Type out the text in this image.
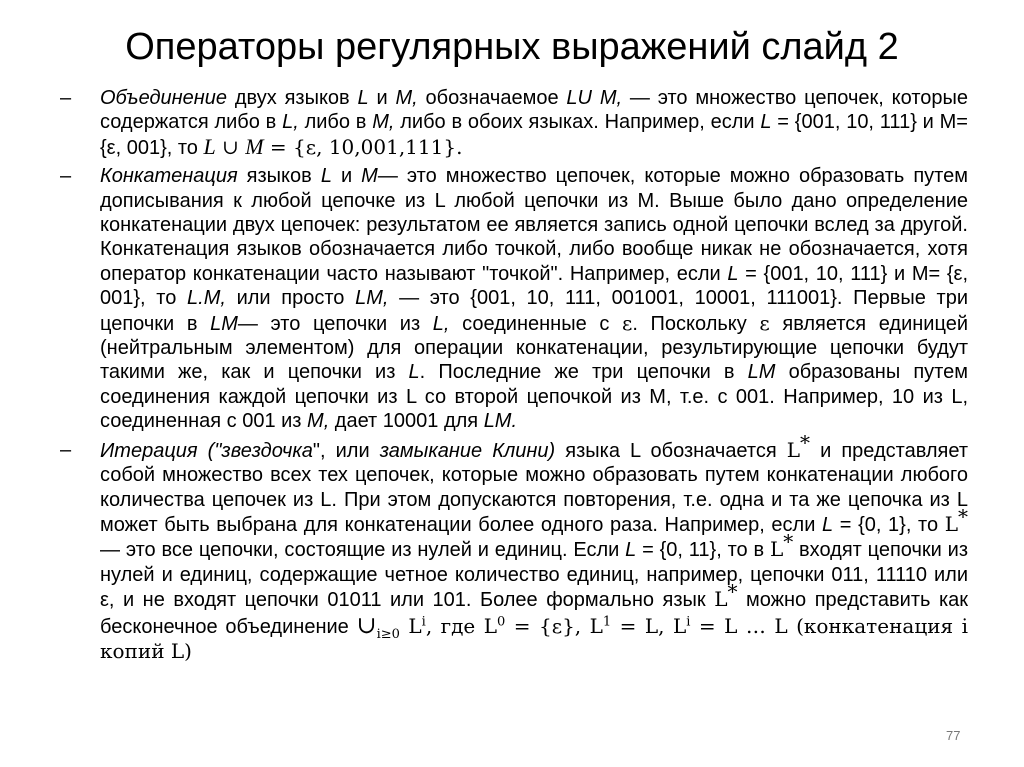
Операторы регулярных выражений слайд 2
– Объединение двух языков L и M, обозначаемое LU M, — это множество цепочек, которые содержатся либо в L, либо в M, либо в обоих языках. Например, если L = {001, 10, 111} и M= {ε, 001}, то L ∪ M = {ε, 10,001,111}.
– Конкатенация языков L и M— это множество цепочек, которые можно образовать путем дописывания к любой цепочке из L любой цепочки из M. Выше было дано определение конкатенации двух цепочек: результатом ее является запись одной цепочки вслед за другой. Конкатенация языков обозначается либо точкой, либо вообще никак не обозначается, хотя оператор конкатенации часто называют "точкой". Например, если L = {001, 10, 111} и M= {ε, 001}, то L.M, или просто LM, — это {001, 10, 111, 001001, 10001, 111001}. Первые три цепочки в LM— это цепочки из L, соединенные с ε. Поскольку ε является единицей (нейтральным элементом) для операции конкатенации, результирующие цепочки будут такими же, как и цепочки из L. Последние же три цепочки в LM образованы путем соединения каждой цепочки из L со второй цепочкой из M, т.е. с 001. Например, 10 из L, соединенная с 001 из M, дает 10001 для LM.
– Итерация ("звездочка", или замыкание Клини) языка L обозначается L* и представляет собой множество всех тех цепочек, которые можно образовать путем конкатенации любого количества цепочек из L. При этом допускаются повторения, т.е. одна и та же цепочка из L может быть выбрана для конкатенации более одного раза. Например, если L = {0, 1}, то L* — это все цепочки, состоящие из нулей и единиц. Если L = {0, 11}, то в L* входят цепочки из нулей и единиц, содержащие четное количество единиц, например, цепочки 011, 11110 или ε, и не входят цепочки 01011 или 101. Более формально язык L* можно представить как бесконечное объединение $\cup_{i\ge 0}$ $L^i$, где $L^0 = \{\varepsilon\}$, $L^1 = L$, $L^i = L$ … L (конкатенация i копий L)
77
